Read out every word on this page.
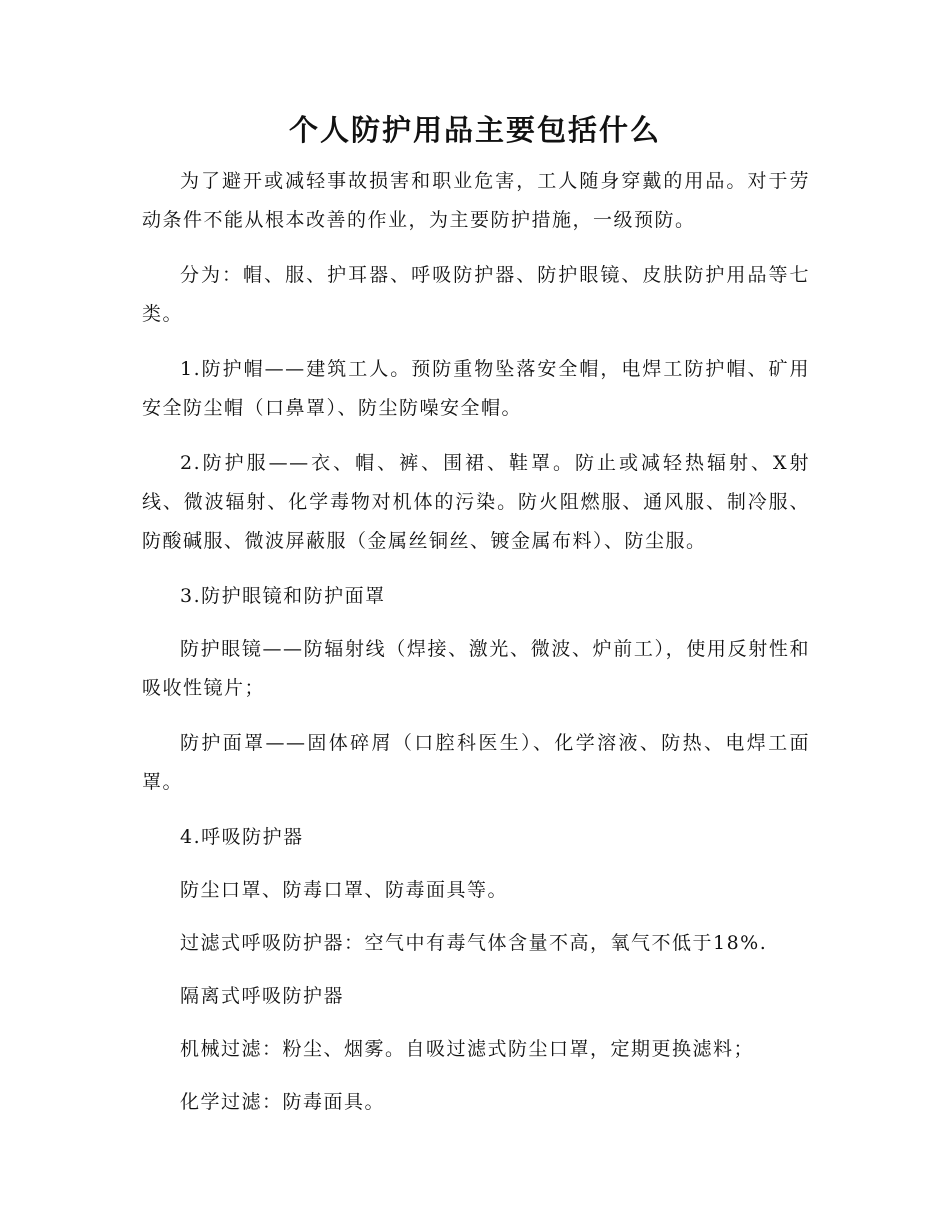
个人防护用品主要包括什么

为了避开或减轻事故损害和职业危害，工人随身穿戴的用品。对于劳动条件不能从根本改善的作业，为主要防护措施，一级预防。

分为：帽、服、护耳器、呼吸防护器、防护眼镜、皮肤防护用品等七类。

1.防护帽——建筑工人。预防重物坠落安全帽，电焊工防护帽、矿用安全防尘帽（口鼻罩）、防尘防噪安全帽。

2.防护服——衣、帽、裤、围裙、鞋罩。防止或减轻热辐射、X射线、微波辐射、化学毒物对机体的污染。防火阻燃服、通风服、制冷服、防酸碱服、微波屏蔽服（金属丝铜丝、镀金属布料）、防尘服。

3.防护眼镜和防护面罩

防护眼镜——防辐射线（焊接、激光、微波、炉前工），使用反射性和吸收性镜片；

防护面罩——固体碎屑（口腔科医生）、化学溶液、防热、电焊工面罩。

4.呼吸防护器

防尘口罩、防毒口罩、防毒面具等。

过滤式呼吸防护器：空气中有毒气体含量不高，氧气不低于18%.

隔离式呼吸防护器

机械过滤：粉尘、烟雾。自吸过滤式防尘口罩，定期更换滤料；

化学过滤：防毒面具。
